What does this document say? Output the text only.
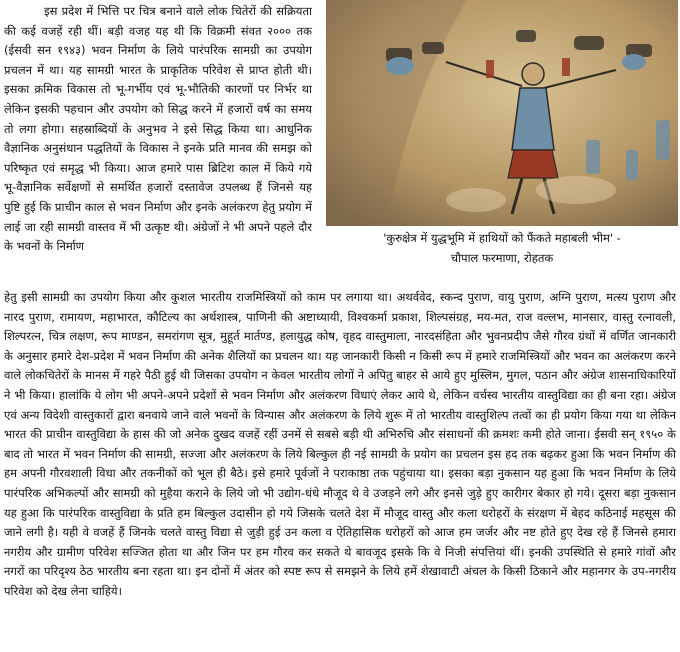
इस प्रदेश में भित्ति पर चित्र बनाने वाले लोक चितेरों की सक्रियता की कई वजहें रही थीं। बड़ी वजह यह थी कि विक्रमी संवत २००० तक (ईसवी सन १९४३) भवन निर्माण के लिये पारंपरिक सामग्री का उपयोग प्रचलन में था। यह सामग्री भारत के प्राकृतिक परिवेश से प्राप्त होती थी। इसका क्रमिक विकास तो भू-गर्भीय एवं भू-भौतिकी कारणों पर निर्भर था लेकिन इसकी पहचान और उपयोग को सिद्ध करने में हजारों वर्ष का समय तो लगा होगा। सहस्राब्दियों के अनुभव ने इसे सिद्ध किया था। आधुनिक वैज्ञानिक अनुसंधान पद्धतियों के विकास ने इनके प्रति मानव की समझ को परिष्कृत एवं समृद्ध भी किया। आज हमारे पास ब्रिटिश काल में किये गये भू-वैज्ञानिक सर्वेक्षणों से समर्थित हजारों दस्तावेज उपलब्ध हैं जिनसे यह पुष्टि हुई कि प्राचीन काल से भवन निर्माण और इनके अलंकरण हेतु प्रयोग में लाई जा रही सामग्री वास्तव में भी उत्कृष्ट थी। अंग्रेजों ने भी अपने पहले दौर के भवनों के निर्माण

'कुरुक्षेत्र में युद्धभूमि में हाथियों को फैंकते महाबली भीम' -
चौपाल फरमाणा, रोहतक

हेतु इसी सामग्री का उपयोग किया और कुशल भारतीय राजमिस्त्रियों को काम पर लगाया था। अथर्ववेद, स्कन्द पुराण, वायु पुराण, अग्नि पुराण, मत्स्य पुराण और नारद पुराण, रामायण, महाभारत, कौटिल्य का अर्थशास्त्र, पाणिनी की अष्टाध्यायी, विश्वकर्मा प्रकाश, शिल्पसंग्रह, मय-मत, राज वल्लभ, मानसार, वास्तु रत्नावली, शिल्परत्न, चित्र लक्षण, रूप माण्डन, समरांगण सूत्र, मुहूर्त मार्तण्ड, हलायुद्ध कोष, वृहद वास्तुमाला, नारदसंहिता और भुवनप्रदीप जैसे गौरव ग्रंथों में वर्णित जानकारी के अनुसार हमारे देश-प्रदेश में भवन निर्माण की अनेक शैलियों का प्रचलन था। यह जानकारी किसी न किसी रूप में हमारे राजमिस्त्रियों और भवन का अलंकरण करने वाले लोकचितेरों के मानस में गहरे पैठी हुई थी जिसका उपयोग न केवल भारतीय लोगों ने अपितु बाहर से आये हुए मुस्लिम, मुगल, पठान और अंग्रेज शासनाधिकारियों ने भी किया। हालांकि ये लोग भी अपने-अपने प्रदेशों से भवन निर्माण और अलंकरण विधाएं लेकर आये थे, लेकिन वर्चस्व भारतीय वास्तुविद्या का ही बना रहा। अंग्रेज एवं अन्य विदेशी वास्तुकारों द्वारा बनवाये जाने वाले भवनों के विन्यास और अलंकरण के लिये शुरू में तो भारतीय वास्तुशिल्प तत्वों का ही प्रयोग किया गया था लेकिन भारत की प्राचीन वास्तुविद्या के हास की जो अनेक दुखद वजहें रहीं उनमें से सबसे बड़ी थी अभिरुचि और संसाधनों की क्रमशः कमी होते जाना। ईसवी सन् १९५० के बाद तो भारत में भवन निर्माण की सामग्री, सज्जा और अलंकरण के लिये बिल्कुल ही नई सामग्री के प्रयोग का प्रचलन इस हद तक बढ़कर हुआ कि भवन निर्माण की हम अपनी गौरवशाली विधा और तकनीकों को भूल ही बैठे। इसे हमारे पूर्वजों ने पराकाष्ठा तक पहुंचाया था। इसका बड़ा नुकसान यह हुआ कि भवन निर्माण के लिये पारंपरिक अभिकल्पों और सामग्री को मुहैया कराने के लिये जो भी उद्योग-धंधे मौजूद थे वे उजड़ने लगे और इनसे जुड़े हुए कारीगर बेकार हो गये। दूसरा बड़ा नुकसान यह हुआ कि पारंपरिक वास्तुविद्या के प्रति हम बिल्कुल उदासीन हो गये जिसके चलते देश में मौजूद वास्तु और कला धरोहरों के संरक्षण में बेहद कठिनाई महसूस की जाने लगी है। यही वे वजहें हैं जिनके चलते वास्तु विद्या से जुड़ी हुई उन कला व ऐतिहासिक धरोहरों को आज हम जर्जर और नष्ट होते हुए देख रहे हैं जिनसे हमारा नगरीय और ग्रामीण परिवेश सज्जित होता था और जिन पर हम गौरव कर सकते थे बावजूद इसके कि वे निजी संपत्तियां थीं। इनकी उपस्थिति से हमारे गांवों और नगरों का परिदृश्य ठेठ भारतीय बना रहता था। इन दोनों में अंतर को स्पष्ट रूप से समझने के लिये हमें शेखावाटी अंचल के किसी ठिकाने और महानगर के उप-नगरीय परिवेश को देख लेना चाहिये।
